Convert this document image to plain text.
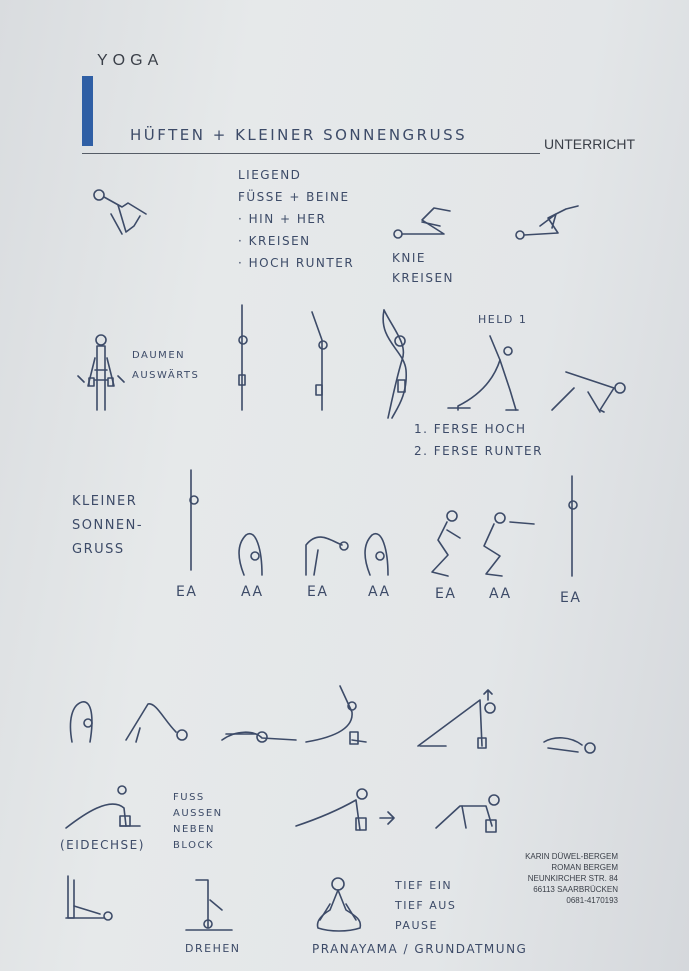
YOGA
HÜFTEN + KLEINER SONNENGRUSS	UNTERRICHT
LIEGEND
FÜSSE + BEINE
· HIN + HER
· KREISEN
· HOCH RUNTER	KNIE
KREISEN
DAUMEN
AUSWÄRTS
HELD 1
1. FERSE HOCH
2. FERSE RUNTER
KLEINER
SONNEN-
GRUSS
EA	AA	EA	AA	EA AA	EA
(EIDECHSE)
FUSS
AUSSEN
NEBEN
BLOCK
DREHEN
TIEF EIN
TIEF AUS
PAUSE
PRANAYAMA / GRUNDATMUNG
KARIN DÜWEL-BERGEM
ROMAN BERGEM
NEUNKIRCHER STR. 84
66113 SAARBRÜCKEN
0681-4170193
